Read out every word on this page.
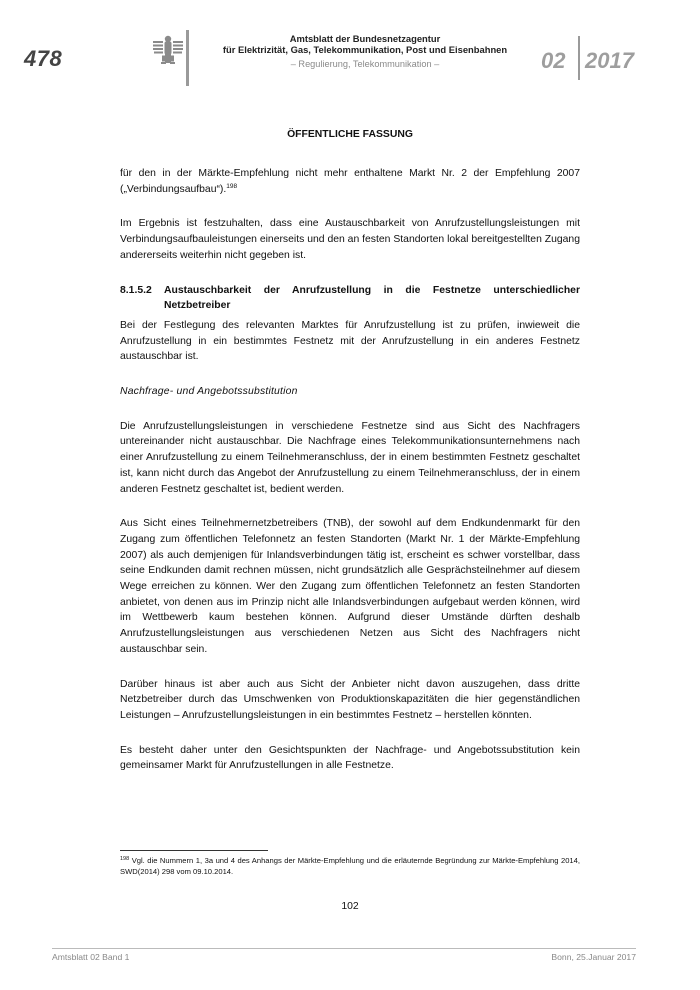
478
Amtsblatt der Bundesnetzagentur
für Elektrizität, Gas, Telekommunikation, Post und Eisenbahnen
– Regulierung, Telekommunikation –	02 2017
ÖFFENTLICHE FASSUNG

für den in der Märkte-Empfehlung nicht mehr enthaltene Markt Nr. 2 der Empfehlung 2007 („Verbindungsaufbau“).$^{198}$

Im Ergebnis ist festzuhalten, dass eine Austauschbarkeit von Anrufzustellungsleistungen mit Verbindungsaufbauleistungen einerseits und den an festen Standorten lokal bereitgestellten Zugang andererseits weiterhin nicht gegeben ist.

8.1.5.2	Austauschbarkeit der Anrufzustellung in die Festnetze unterschiedlicher Netzbetreiber

Bei der Festlegung des relevanten Marktes für Anrufzustellung ist zu prüfen, inwieweit die Anrufzustellung in ein bestimmtes Festnetz mit der Anrufzustellung in ein anderes Festnetz austauschbar ist.

Nachfrage- und Angebotssubstitution

Die Anrufzustellungsleistungen in verschiedene Festnetze sind aus Sicht des Nachfragers untereinander nicht austauschbar. Die Nachfrage eines Telekommunikationsunternehmens nach einer Anrufzustellung zu einem Teilnehmeranschluss, der in einem bestimmten Festnetz geschaltet ist, kann nicht durch das Angebot der Anrufzustellung zu einem Teilnehmeranschluss, der in einem anderen Festnetz geschaltet ist, bedient werden.

Aus Sicht eines Teilnehmernetzbetreibers (TNB), der sowohl auf dem Endkundenmarkt für den Zugang zum öffentlichen Telefonnetz an festen Standorten (Markt Nr. 1 der Märkte-Empfehlung 2007) als auch demjenigen für Inlandsverbindungen tätig ist, erscheint es schwer vorstellbar, dass seine Endkunden damit rechnen müssen, nicht grundsätzlich alle Gesprächsteilnehmer auf diesem Wege erreichen zu können. Wer den Zugang zum öffentlichen Telefonnetz an festen Standorten anbietet, von denen aus im Prinzip nicht alle Inlandsverbindungen aufgebaut werden können, wird im Wettbewerb kaum bestehen können. Aufgrund dieser Umstände dürften deshalb Anrufzustellungsleistungen aus verschiedenen Netzen aus Sicht des Nachfragers nicht austauschbar sein.

Darüber hinaus ist aber auch aus Sicht der Anbieter nicht davon auszugehen, dass dritte Netzbetreiber durch das Umschwenken von Produktionskapazitäten die hier gegenständlichen Leistungen – Anrufzustellungsleistungen in ein bestimmtes Festnetz – herstellen könnten.

Es besteht daher unter den Gesichtspunkten der Nachfrage- und Angebotssubstitution kein gemeinsamer Markt für Anrufzustellungen in alle Festnetze.

$^{198}$ Vgl. die Nummern 1, 3a und 4 des Anhangs der Märkte-Empfehlung und die erläuternde Begründung zur Märkte-Empfehlung 2014, SWD(2014) 298 vom 09.10.2014.
102
Amtsblatt 02 Band 1	Bonn, 25.Januar 2017
